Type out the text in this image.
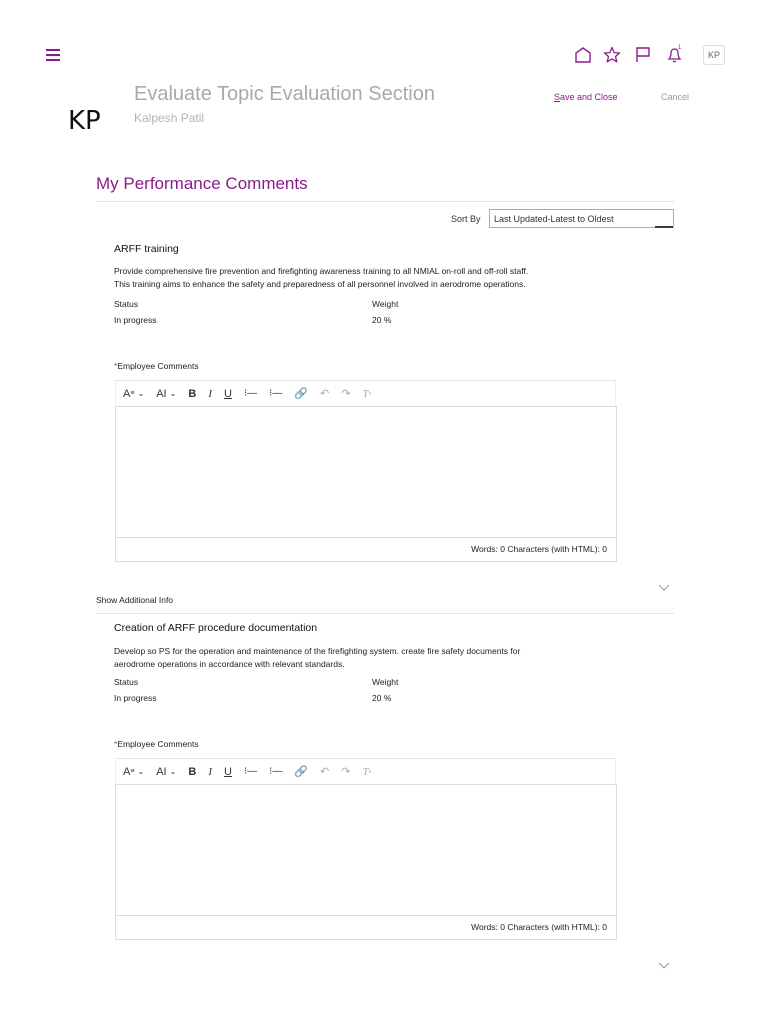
1
KP
KP
Evaluate Topic Evaluation Section
Kalpesh Patil
Save and Close	Cancel
My Performance Comments
Sort By	Last Updated-Latest to Oldest
ARFF training
Provide comprehensive fire prevention and firefighting awareness training to all NMIAL on-roll and off-roll staff.
This training aims to enhance the safety and preparedness of all personnel involved in aerodrome operations.
Status	Weight
In progress	20 %
*Employee Comments
A ≡
⌄ AI
⌄ B I U ⁝— ⁝— 🔗 ↶ ↷ T x
Words: 0 Characters (with HTML): 0
Show Additional Info
Creation of ARFF procedure documentation
Develop so PS for the operation and maintenance of the firefighting system. create fire safety documents for
aerodrome operations in accordance with relevant standards.
Status	Weight
In progress	20 %
*Employee Comments
A ≡
⌄ AI
⌄ B I U ⁝— ⁝— 🔗 ↶ ↷ T x
Words: 0 Characters (with HTML): 0
